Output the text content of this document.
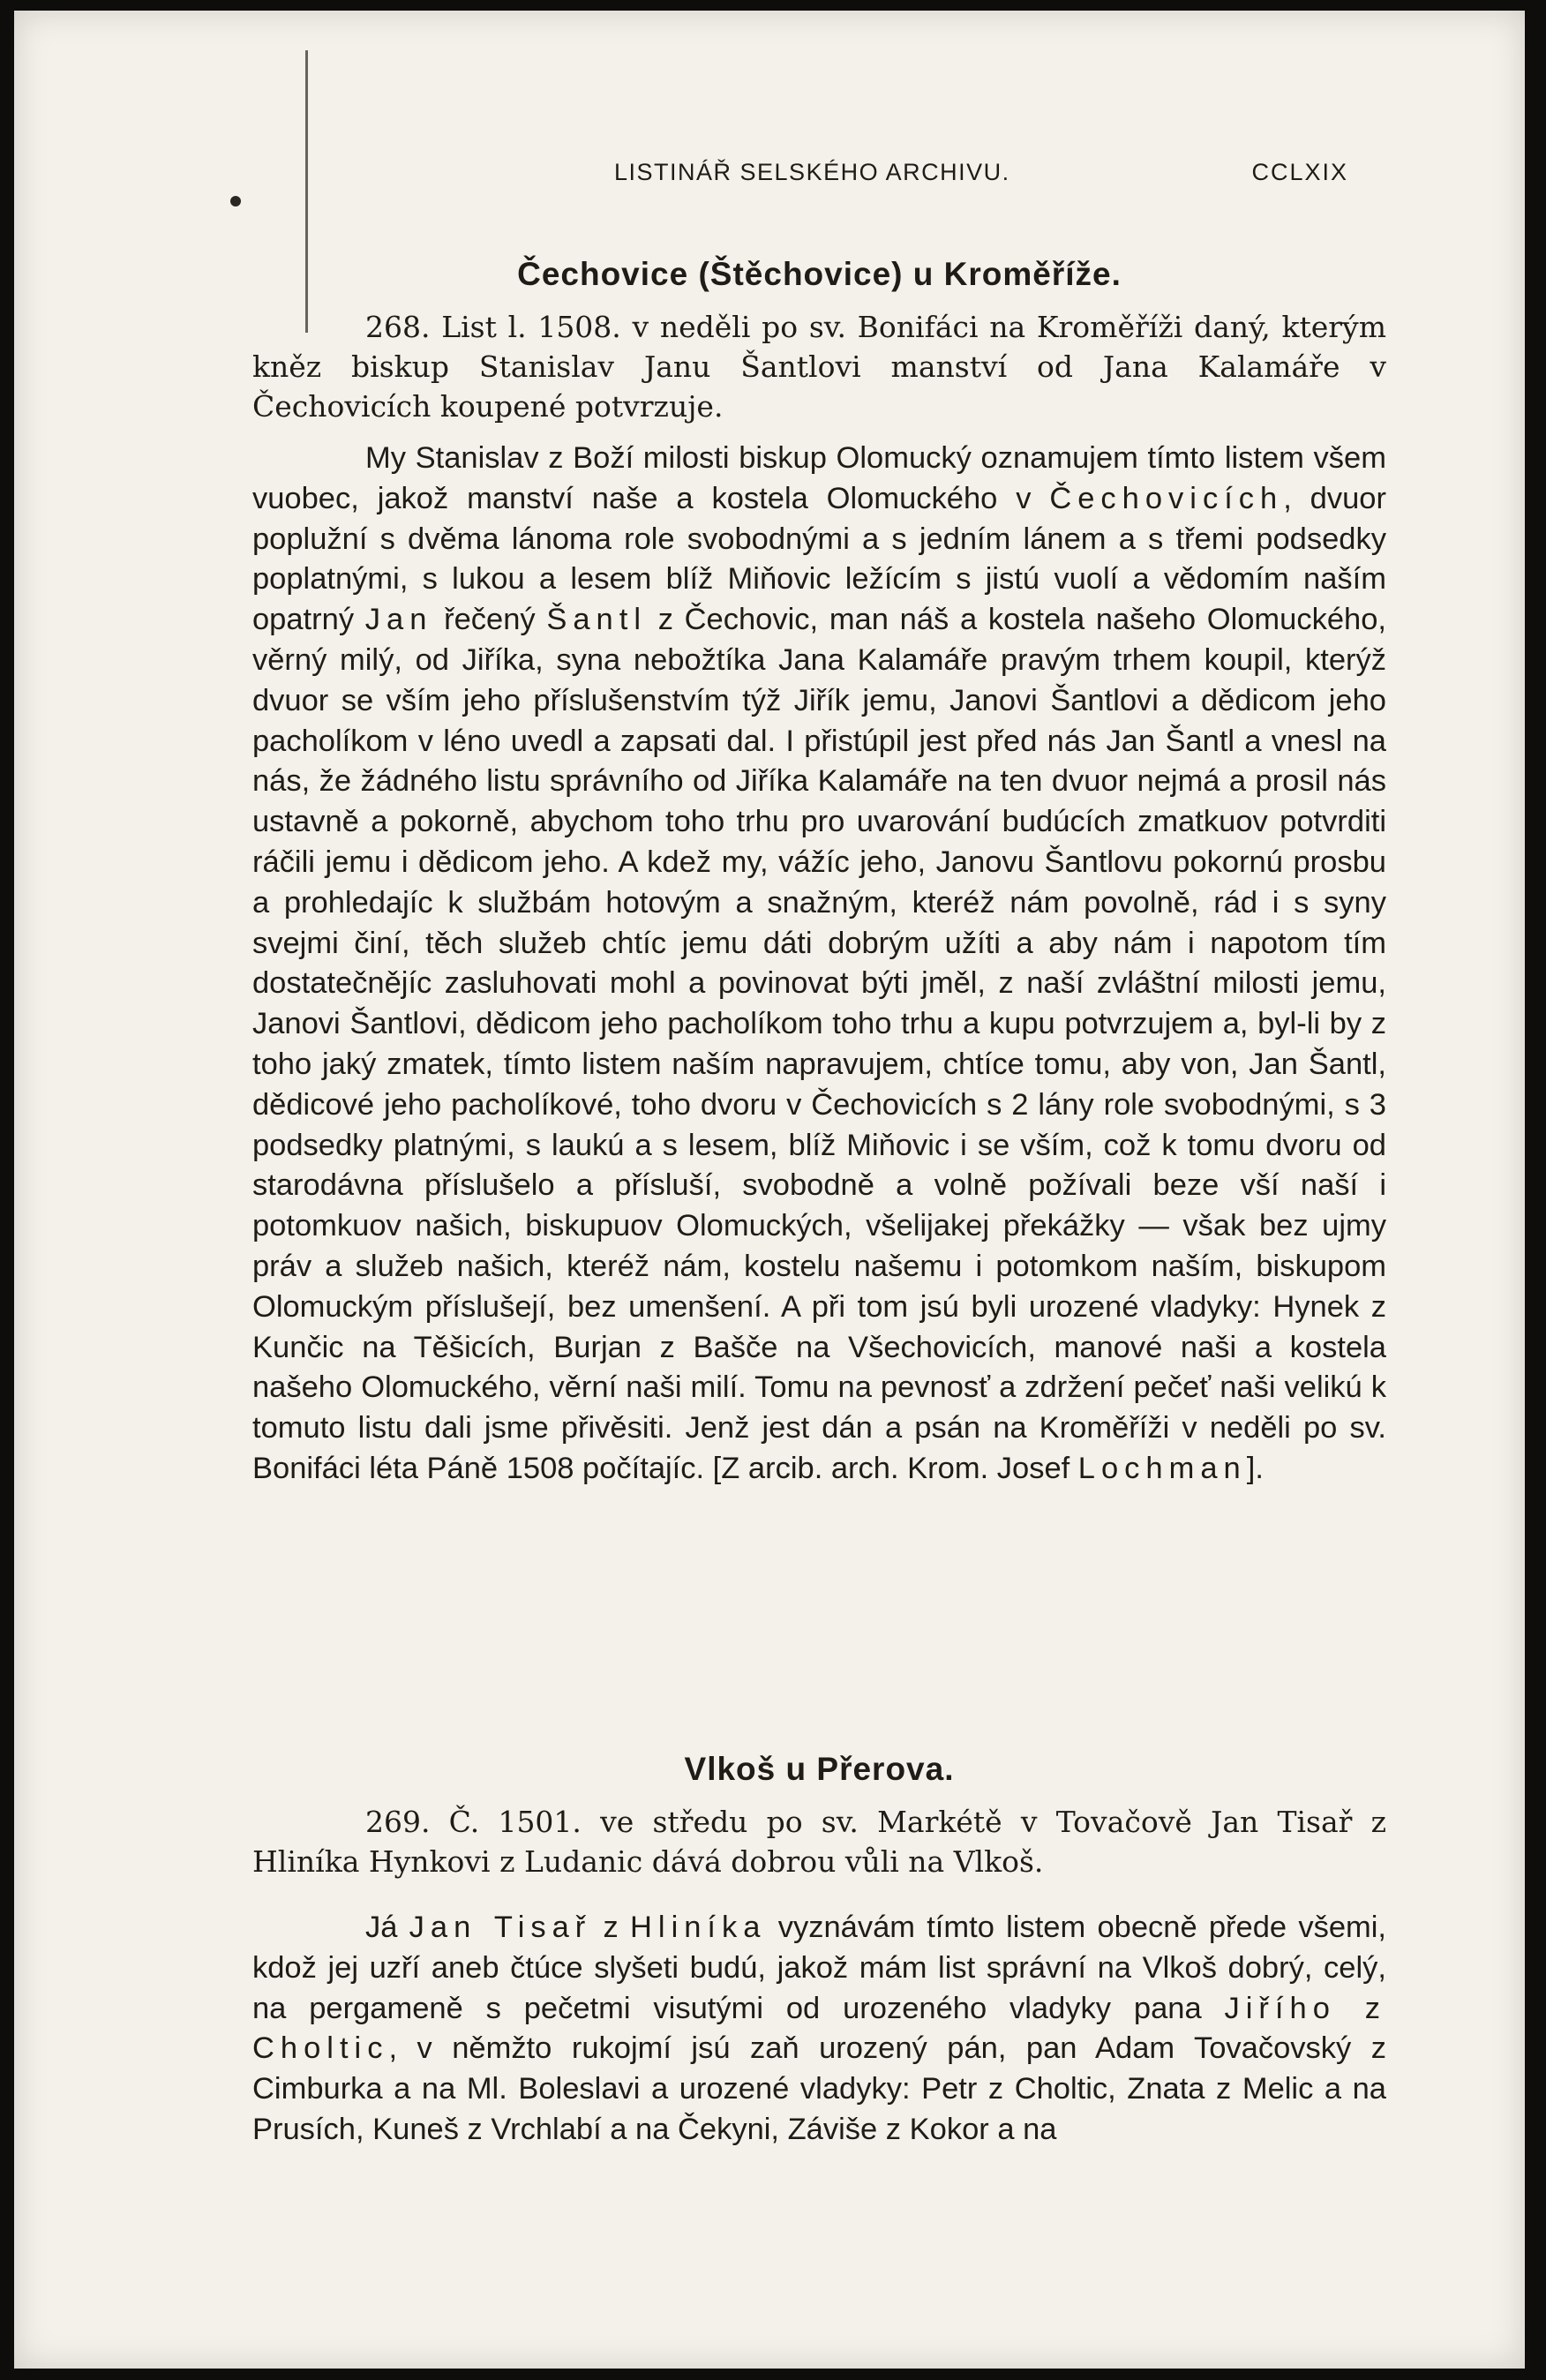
LISTINÁŘ SELSKÉHO ARCHIVU.	CCLXIX
Čechovice (Štěchovice) u Kroměříže.

268. List l. 1508. v neděli po sv. Bonifáci na Kroměříži daný, kterým kněz biskup Stanislav Janu Šantlovi manství od Jana Kalamáře v Čechovicích koupené potvrzuje.

My Stanislav z Boží milosti biskup Olomucký oznamujem tímto listem všem vuobec, jakož manství naše a kostela Olomuckého v Čechovicích, dvuor poplužní s dvěma lánoma role svobodnými a s jedním lánem a s třemi podsedky poplatnými, s lukou a lesem blíž Miňovic ležícím s jistú vuolí a vědomím naším opatrný Jan řečený Šantl z Čechovic, man náš a kostela našeho Olomuckého, věrný milý, od Jiříka, syna nebožtíka Jana Kalamáře pravým trhem koupil, kterýž dvuor se vším jeho příslušenstvím týž Jiřík jemu, Janovi Šantlovi a dědicom jeho pacholíkom v léno uvedl a zapsati dal. I přistúpil jest před nás Jan Šantl a vnesl na nás, že žádného listu správního od Jiříka Kalamáře na ten dvuor nejmá a prosil nás ustavně a pokorně, abychom toho trhu pro uvarování budúcích zmatkuov potvrditi ráčili jemu i dědicom jeho. A kdež my, vážíc jeho, Janovu Šantlovu pokornú prosbu a prohledajíc k službám hotovým a snažným, kteréž nám povolně, rád i s syny svejmi činí, těch služeb chtíc jemu dáti dobrým užíti a aby nám i napotom tím dostatečnějíc zasluhovati mohl a povinovat býti jměl, z naší zvláštní milosti jemu, Janovi Šantlovi, dědicom jeho pacholíkom toho trhu a kupu potvrzujem a, byl-li by z toho jaký zmatek, tímto listem naším napravujem, chtíce tomu, aby von, Jan Šantl, dědicové jeho pacholíkové, toho dvoru v Čechovicích s 2 lány role svobodnými, s 3 podsedky platnými, s laukú a s lesem, blíž Miňovic i se vším, což k tomu dvoru od starodávna příslušelo a přísluší, svobodně a volně požívali beze vší naší i potomkuov našich, biskupuov Olomuckých, všelijakej překážky — však bez ujmy práv a služeb našich, kteréž nám, kostelu našemu i potomkom naším, biskupom Olomuckým příslušejí, bez umenšení. A při tom jsú byli urozené vladyky: Hynek z Kunčic na Těšicích, Burjan z Bašče na Všechovicích, manové naši a kostela našeho Olomuckého, věrní naši milí. Tomu na pevnosť a zdržení pečeť naši velikú k tomuto listu dali jsme přivěsiti. Jenž jest dán a psán na Kroměříži v neděli po sv. Bonifáci léta Páně 1508 počítajíc. [Z arcib. arch. Krom. Josef Lochman].

Vlkoš u Přerova.

269. Č. 1501. ve středu po sv. Markétě v Tovačově Jan Tisař z Hliníka Hynkovi z Ludanic dává dobrou vůli na Vlkoš.

Já Jan Tisař z Hliníka vyznávám tímto listem obecně přede všemi, kdož jej uzří aneb čtúce slyšeti budú, jakož mám list správní na Vlkoš dobrý, celý, na pergameně s pečetmi visutými od urozeného vladyky pana Jiřího z Choltic, v němžto rukojmí jsú zaň urozený pán, pan Adam Tovačovský z Cimburka a na Ml. Boleslavi a urozené vladyky: Petr z Choltic, Znata z Melic a na Prusích, Kuneš z Vrchlabí a na Čekyni, Záviše z Kokor a na
